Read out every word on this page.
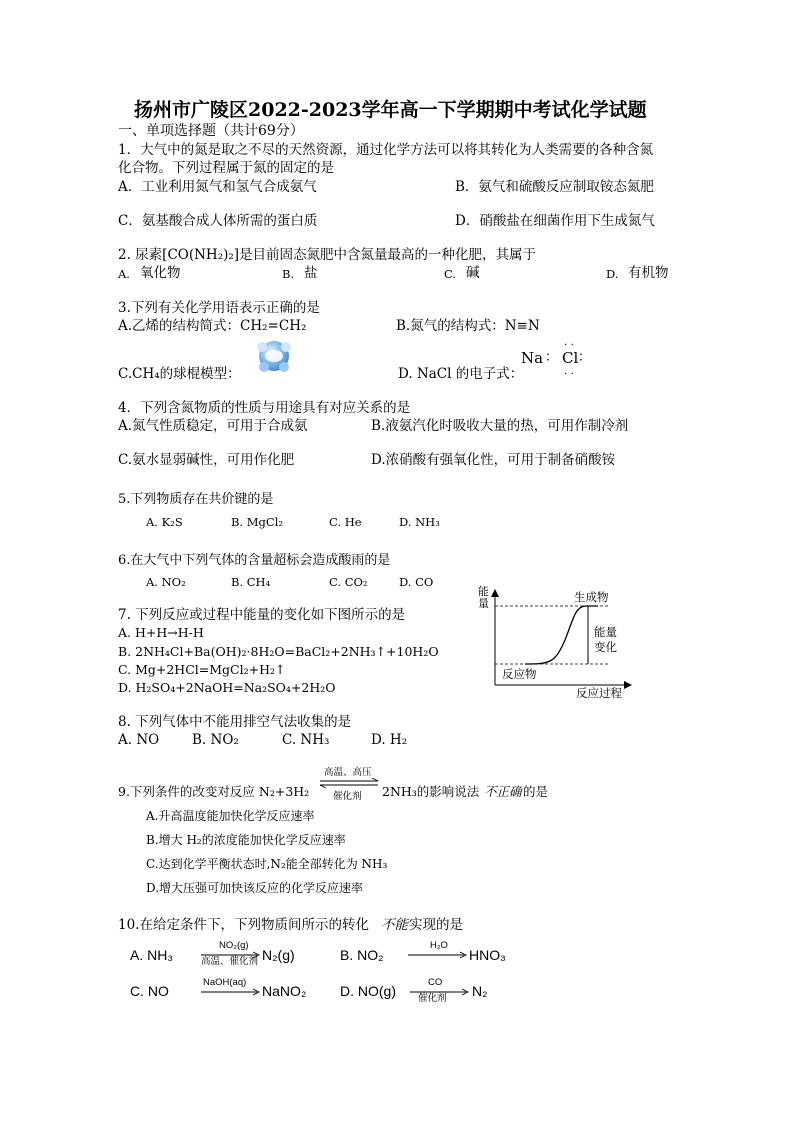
扬州市广陵区2022-2023学年高一下学期期中考试化学试题
一、单项选择题（共计69分）
1．大气中的氮是取之不尽的天然资源，通过化学方法可以将其转化为人类需要的各种含氮
化合物。下列过程属于氮的固定的是
A．工业利用氮气和氢气合成氨气	B．氨气和硫酸反应制取铵态氮肥
C．氨基酸合成人体所需的蛋白质	D．硝酸盐在细菌作用下生成氮气
2. 尿素[CO(NH₂)₂]是目前固态氮肥中含氮量最高的一种化肥，其属于
A. 氧化物	B. 盐	C. 碱	D. 有机物
3.下列有关化学用语表示正确的是
A.乙烯的结构简式：CH₂=CH₂	B.氮气的结构式：N≡N
C.CH₄的球棍模型：	D. NaCl 的电子式：
Na ： Cl ：
· ·
· ·
4．下列含氮物质的性质与用途具有对应关系的是
A.氮气性质稳定，可用于合成氨	B.液氨汽化时吸收大量的热，可用作制冷剂
C.氨水显弱碱性，可用作化肥	D.浓硝酸有强氧化性，可用于制备硝酸铵
5.下列物质存在共价键的是
A. K₂S	B. MgCl₂	C. He	D. NH₃
6.在大气中下列气体的含量超标会造成酸雨的是
A. NO₂	B. CH₄	C. CO₂	D. CO
7. 下列反应或过程中能量的变化如下图所示的是
A. H+H→H-H
B. 2NH₄Cl+Ba(OH)₂·8H₂O=BaCl₂+2NH₃↑+10H₂O
C. Mg+2HCl=MgCl₂+H₂↑
D. H₂SO₄+2NaOH=Na₂SO₄+2H₂O
能
量	生成物
反应物
能量
变化
反应过程
8. 下列气体中不能用排空气法收集的是
A. NO B. NO₂	C. NH₃	D. H₂
9.下列条件的改变对反应 N₂+3H₂
高温、高压
催化剂 2NH₃的影响说法 不正确 的是
A.升高温度能加快化学反应速率
B.增大 H₂的浓度能加快化学反应速率
C.达到化学平衡状态时,N₂能全部转化为 NH₃
D.增大压强可加快该反应的化学反应速率
10.在给定条件下，下列物质间所示的转化 不能 实现的是
A. NH₃
NO₂(g)
高温、催化剂 N₂(g)	B. NO₂
H₂O
HNO₃
C. NO
NaOH(aq)
NaNO₂ D. NO(g)
CO
催化剂 N₂
